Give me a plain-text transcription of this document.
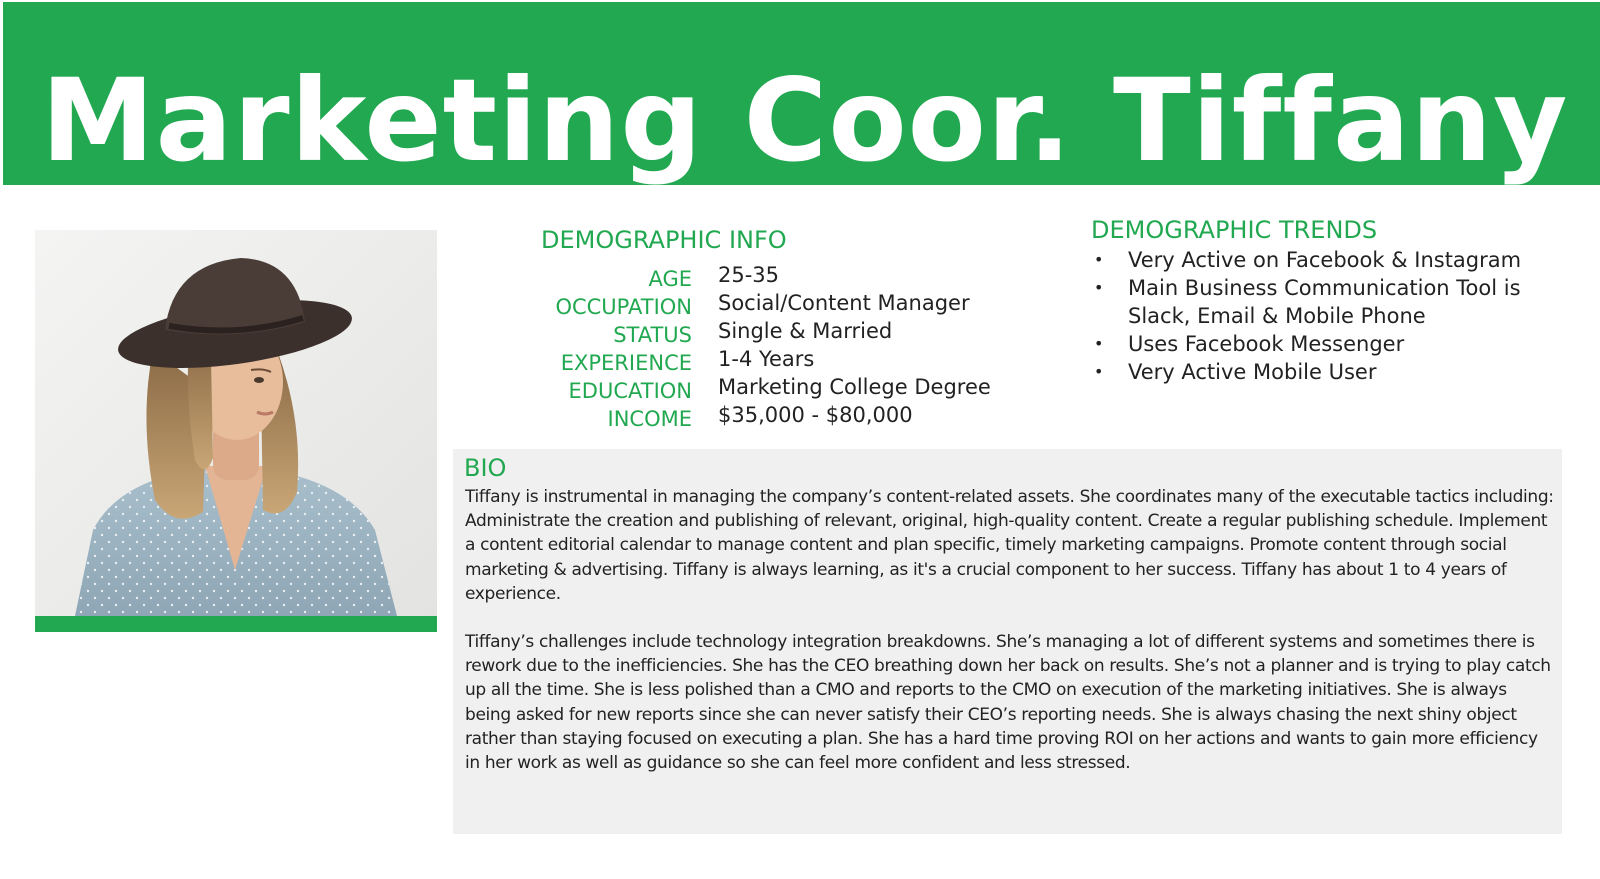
Marketing Coor. Tiffany
DEMOGRAPHIC INFO
AGE 25-35
OCCUPATION Social/Content Manager
STATUS Single & Married
EXPERIENCE 1-4 Years
EDUCATION Marketing College Degree
INCOME $35,000 - $80,000
DEMOGRAPHIC TRENDS
• Very Active on Facebook & Instagram
• Main Business Communication Tool is Slack, Email & Mobile Phone
• Uses Facebook Messenger
• Very Active Mobile User
BIO

Tiffany is instrumental in managing the company’s content-related assets. She coordinates many of the executable tactics including: Administrate the creation and publishing of relevant, original, high-quality content. Create a regular publishing schedule. Implement a content editorial calendar to manage content and plan specific, timely marketing campaigns. Promote content through social marketing & advertising. Tiffany is always learning, as it's a crucial component to her success. Tiffany has about 1 to 4 years of experience.

Tiffany’s challenges include technology integration breakdowns. She’s managing a lot of different systems and sometimes there is rework due to the inefficiencies. She has the CEO breathing down her back on results. She’s not a planner and is trying to play catch up all the time. She is less polished than a CMO and reports to the CMO on execution of the marketing initiatives. She is always being asked for new reports since she can never satisfy their CEO’s reporting needs. She is always chasing the next shiny object rather than staying focused on executing a plan. She has a hard time proving ROI on her actions and wants to gain more efficiency in her work as well as guidance so she can feel more confident and less stressed.
